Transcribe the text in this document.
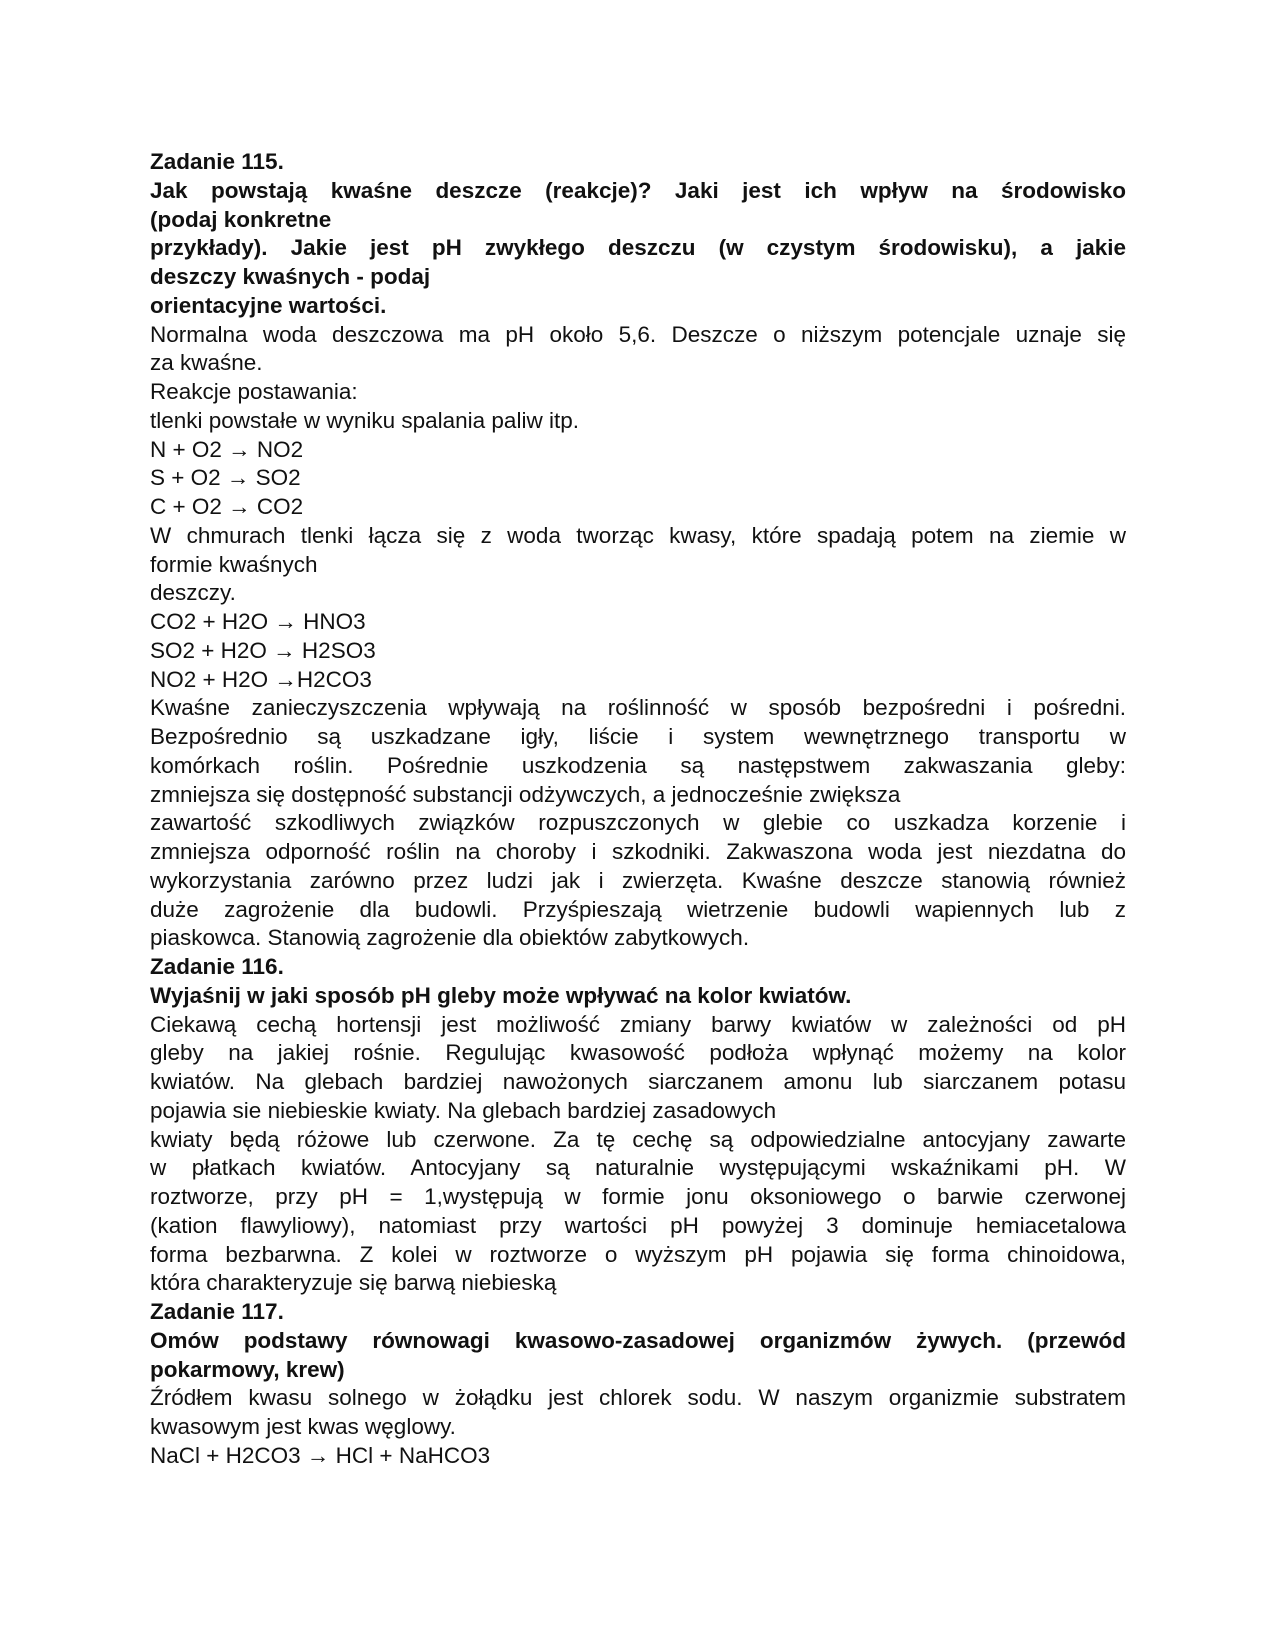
Zadanie 115.
Jak powstają kwaśne deszcze (reakcje)? Jaki jest ich wpływ na środowisko
(podaj konkretne
przykłady). Jakie jest pH zwykłego deszczu (w czystym środowisku), a jakie
deszczy kwaśnych - podaj
orientacyjne wartości.
Normalna woda deszczowa ma pH około 5,6. Deszcze o niższym potencjale uznaje się
za kwaśne.
Reakcje postawania:
tlenki powstałe w wyniku spalania paliw itp.
N + O2 → NO2
S + O2 → SO2
C + O2 → CO2
W chmurach tlenki łącza się z woda tworząc kwasy, które spadają potem na ziemie w
formie kwaśnych
deszczy.
CO2 + H2O → HNO3
SO2 + H2O → H2SO3
NO2 + H2O →H2CO3
Kwaśne zanieczyszczenia wpływają na roślinność w sposób bezpośredni i pośredni.
Bezpośrednio są uszkadzane igły, liście i system wewnętrznego transportu w
komórkach roślin. Pośrednie uszkodzenia są następstwem zakwaszania gleby:
zmniejsza się dostępność substancji odżywczych, a jednocześnie zwiększa
zawartość szkodliwych związków rozpuszczonych w glebie co uszkadza korzenie i
zmniejsza odporność roślin na choroby i szkodniki. Zakwaszona woda jest niezdatna do
wykorzystania zarówno przez ludzi jak i zwierzęta. Kwaśne deszcze stanowią również
duże zagrożenie dla budowli. Przyśpieszają wietrzenie budowli wapiennych lub z
piaskowca. Stanowią zagrożenie dla obiektów zabytkowych.
Zadanie 116.
Wyjaśnij w jaki sposób pH gleby może wpływać na kolor kwiatów.
Ciekawą cechą hortensji jest możliwość zmiany barwy kwiatów w zależności od pH
gleby na jakiej rośnie. Regulując kwasowość podłoża wpłynąć możemy na kolor
kwiatów. Na glebach bardziej nawożonych siarczanem amonu lub siarczanem potasu
pojawia sie niebieskie kwiaty. Na glebach bardziej zasadowych
kwiaty będą różowe lub czerwone. Za tę cechę są odpowiedzialne antocyjany zawarte
w płatkach kwiatów. Antocyjany są naturalnie występującymi wskaźnikami pH. W
roztworze, przy pH = 1,występują w formie jonu oksoniowego o barwie czerwonej
(kation flawyliowy), natomiast przy wartości pH powyżej 3 dominuje hemiacetalowa
forma bezbarwna. Z kolei w roztworze o wyższym pH pojawia się forma chinoidowa,
która charakteryzuje się barwą niebieską
Zadanie 117.
Omów podstawy równowagi kwasowo-zasadowej organizmów żywych. (przewód
pokarmowy, krew)
Źródłem kwasu solnego w żołądku jest chlorek sodu. W naszym organizmie substratem
kwasowym jest kwas węglowy.
NaCl + H2CO3 → HCl + NaHCO3
